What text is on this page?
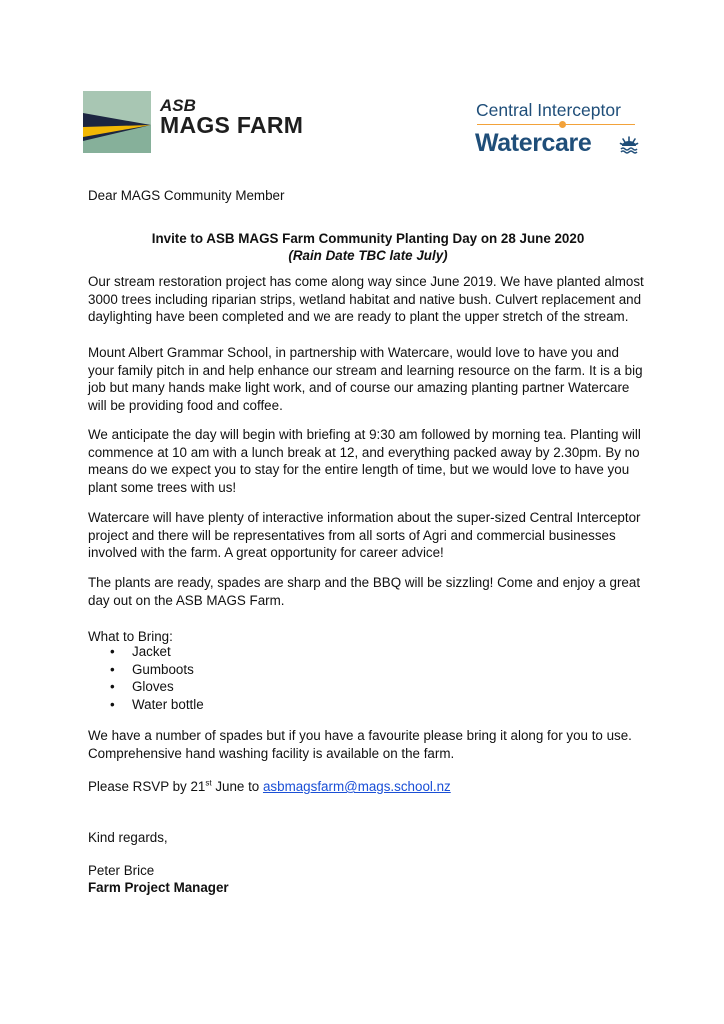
ASB
MAGS FARM
Central Interceptor
Watercare
Dear MAGS Community Member
Invite to ASB MAGS Farm Community Planting Day on 28 June 2020
(Rain Date TBC late July)
Our stream restoration project has come along way since June 2019. We have planted almost 3000 trees including riparian strips, wetland habitat and native bush. Culvert replacement and daylighting have been completed and we are ready to plant the upper stretch of the stream.
Mount Albert Grammar School, in partnership with Watercare, would love to have you and your family pitch in and help enhance our stream and learning resource on the farm. It is a big job but many hands make light work, and of course our amazing planting partner Watercare will be providing food and coffee.
We anticipate the day will begin with briefing at 9:30 am followed by morning tea. Planting will commence at 10 am with a lunch break at 12, and everything packed away by 2.30pm. By no means do we expect you to stay for the entire length of time, but we would love to have you plant some trees with us!
Watercare will have plenty of interactive information about the super-sized Central Interceptor project and there will be representatives from all sorts of Agri and commercial businesses involved with the farm. A great opportunity for career advice!
The plants are ready, spades are sharp and the BBQ will be sizzling! Come and enjoy a great day out on the ASB MAGS Farm.
What to Bring:
• Jacket
• Gumboots
• Gloves
• Water bottle
We have a number of spades but if you have a favourite please bring it along for you to use. Comprehensive hand washing facility is available on the farm.
Please RSVP by 21st June to asbmagsfarm@mags.school.nz
Kind regards,
Peter Brice
Farm Project Manager
